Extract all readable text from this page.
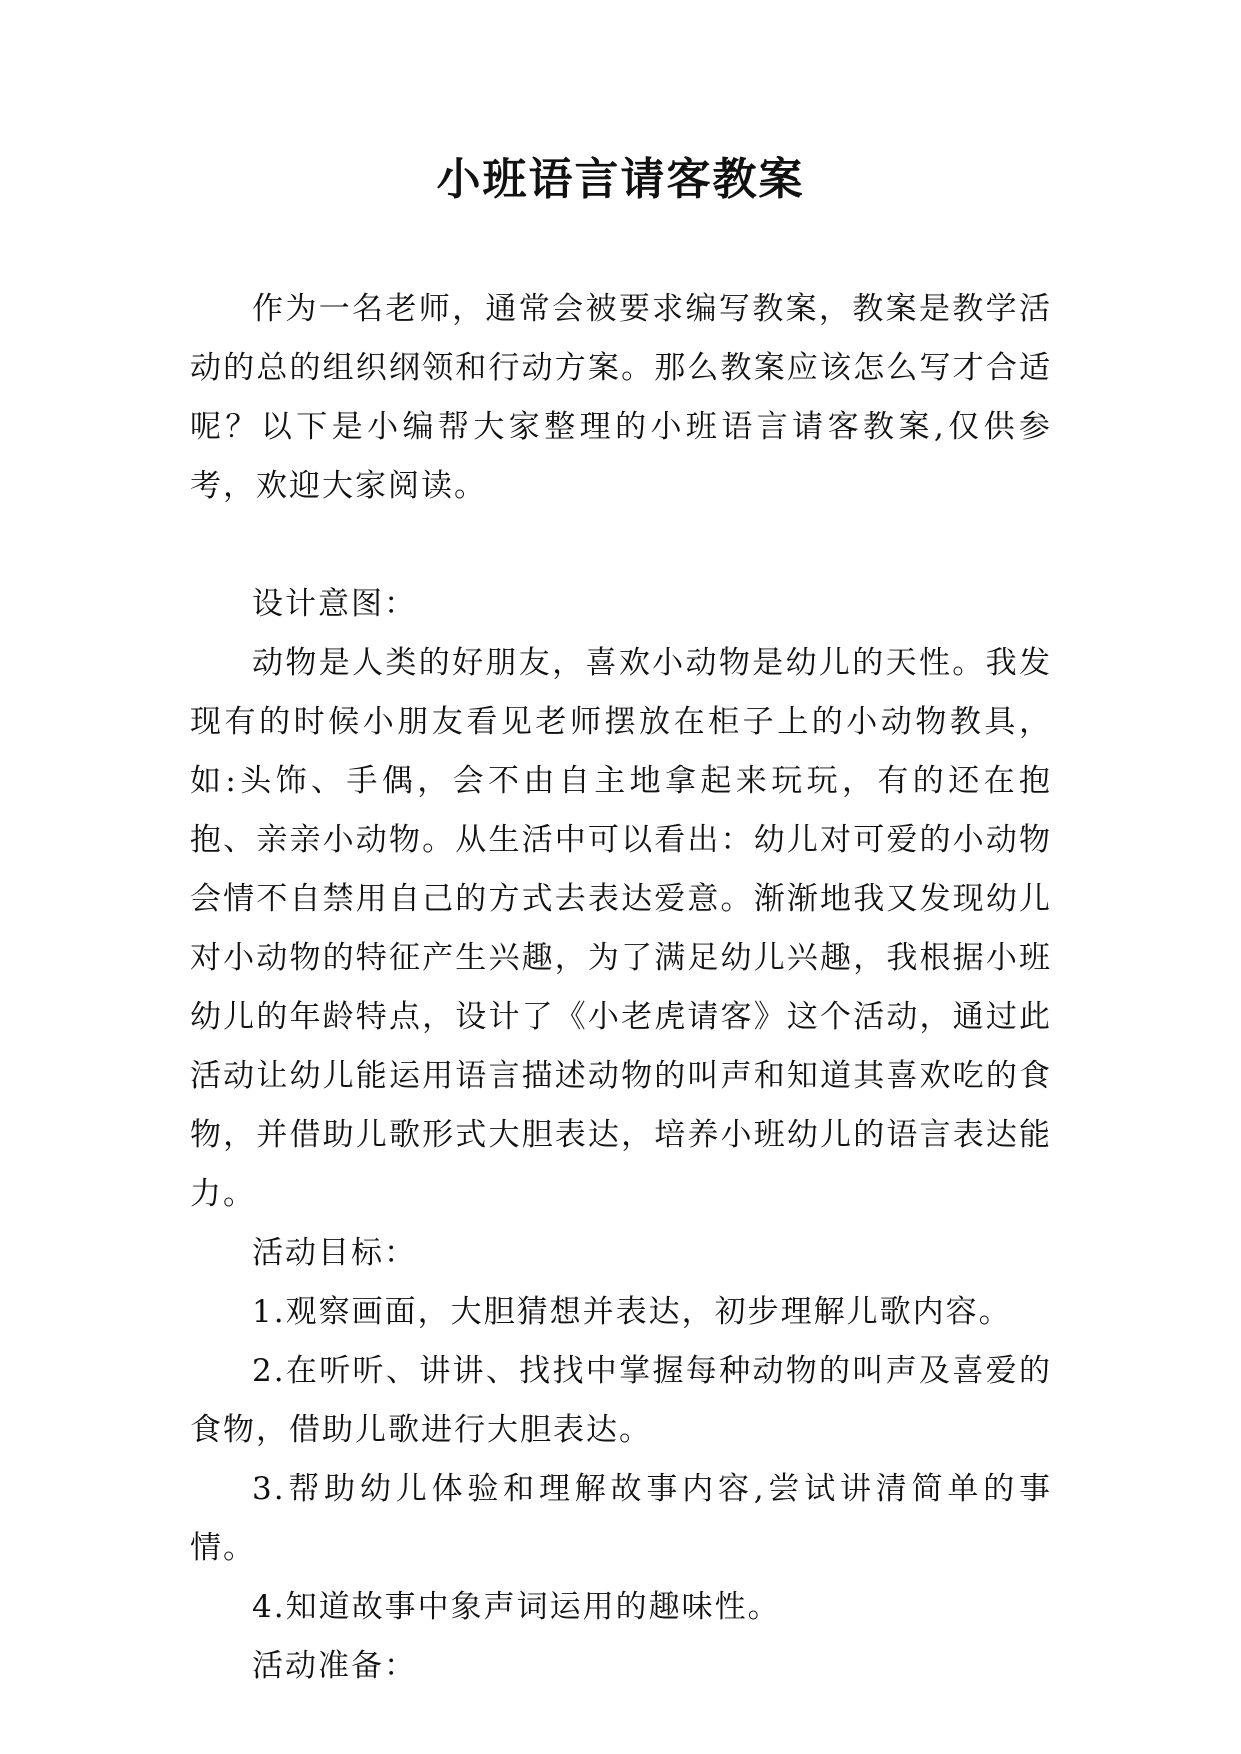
小班语言请客教案

作为一名老师，通常会被要求编写教案，教案是教学活动的总的组织纲领和行动方案。那么教案应该怎么写才合适呢？以下是小编帮大家整理的小班语言请客教案,仅供参考，欢迎大家阅读。

设计意图：

动物是人类的好朋友，喜欢小动物是幼儿的天性。我发现有的时候小朋友看见老师摆放在柜子上的小动物教具，如:头饰、手偶，会不由自主地拿起来玩玩，有的还在抱抱、亲亲小动物。从生活中可以看出：幼儿对可爱的小动物会情不自禁用自己的方式去表达爱意。渐渐地我又发现幼儿对小动物的特征产生兴趣，为了满足幼儿兴趣，我根据小班幼儿的年龄特点，设计了《小老虎请客》这个活动，通过此活动让幼儿能运用语言描述动物的叫声和知道其喜欢吃的食物，并借助儿歌形式大胆表达，培养小班幼儿的语言表达能力。

活动目标：

1.观察画面，大胆猜想并表达，初步理解儿歌内容。

2.在听听、讲讲、找找中掌握每种动物的叫声及喜爱的食物，借助儿歌进行大胆表达。

3.帮助幼儿体验和理解故事内容,尝试讲清简单的事情。

4.知道故事中象声词运用的趣味性。

活动准备：
